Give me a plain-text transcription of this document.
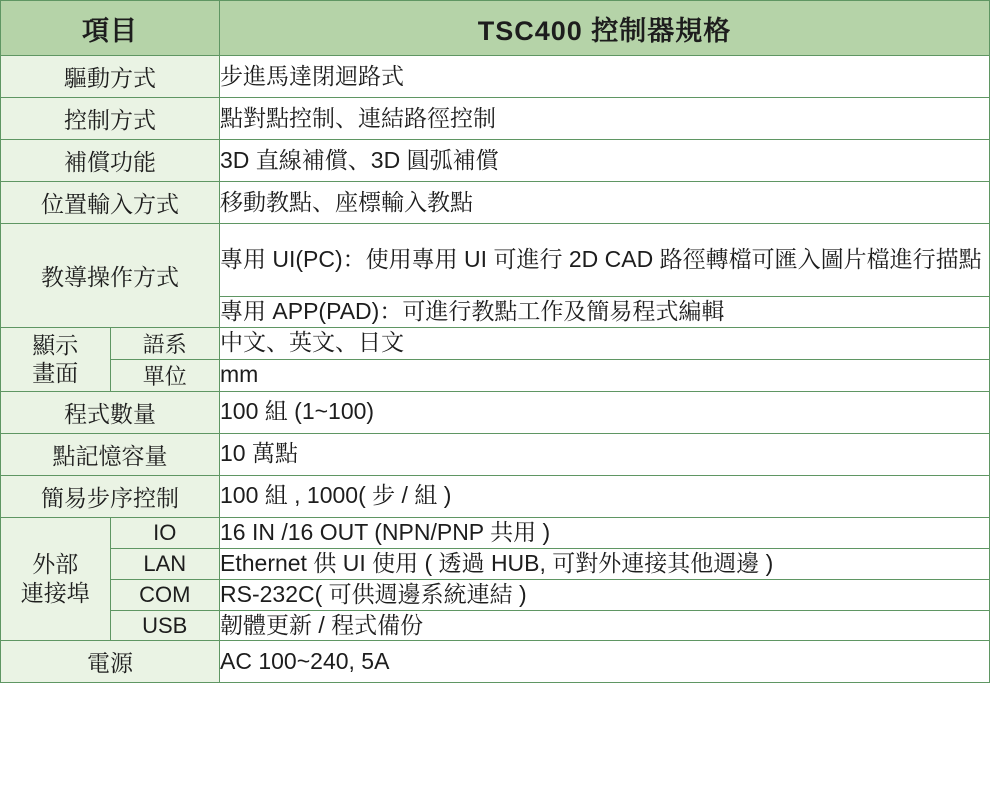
項目		TSC400 控制器規格
驅動方式		步進馬達閉迴路式
控制方式		點對點控制、連結路徑控制
補償功能		3D 直線補償、3D 圓弧補償
位置輸入方式		移動教點、座標輸入教點
教導操作方式		專用 UI(PC)：使用專用 UI 可進行 2D CAD 路徑轉檔可匯入圖片檔進行描點
		專用 APP(PAD)：可進行教點工作及簡易程式編輯

顯示
畫面	語系	中文、英文、日文
	單位	mm
程式數量		100 組 (1~100)
點記憶容量		10 萬點
簡易步序控制		100 組 , 1000( 步 / 組 )

外部
連接埠	IO	16 IN /16 OUT (NPN/PNP 共用 )
	LAN	Ethernet 供 UI 使用 ( 透過 HUB, 可對外連接其他週邊 )
	COM	RS-232C( 可供週邊系統連結 )
	USB	韌體更新 / 程式備份
電源		AC 100~240, 5A
